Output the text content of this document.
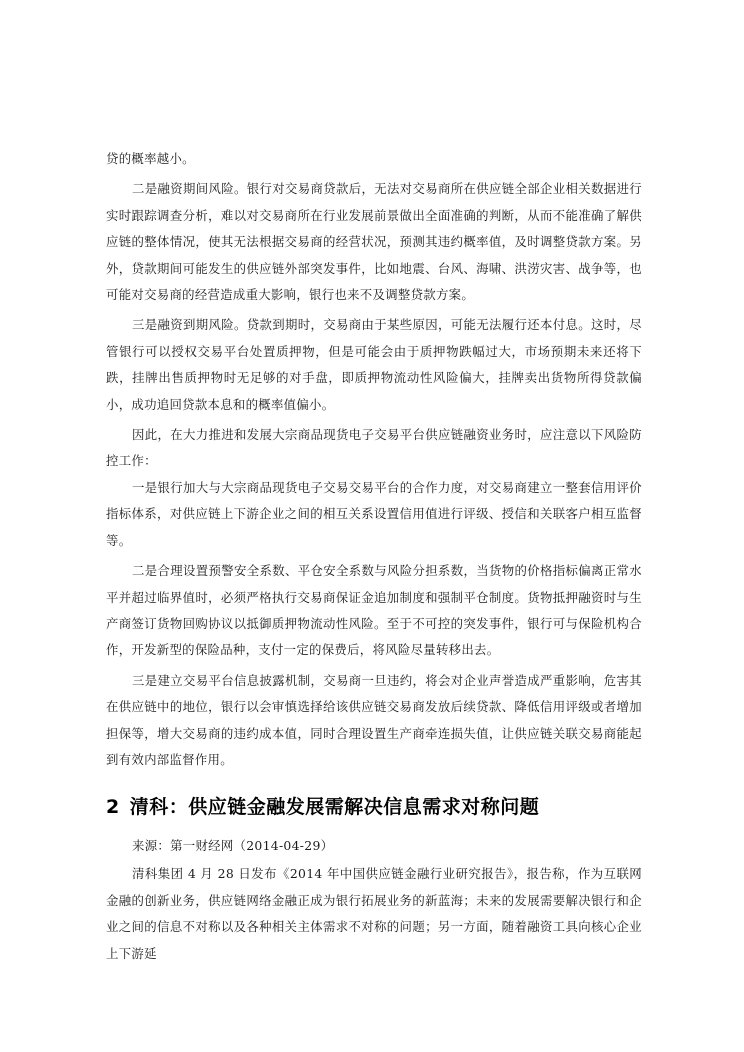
贷的概率越小。

二是融资期间风险。银行对交易商贷款后，无法对交易商所在供应链全部企业相关数据进行实时跟踪调查分析，难以对交易商所在行业发展前景做出全面准确的判断，从而不能准确了解供应链的整体情况，使其无法根据交易商的经营状况，预测其违约概率值，及时调整贷款方案。另外，贷款期间可能发生的供应链外部突发事件，比如地震、台风、海啸、洪涝灾害、战争等，也可能对交易商的经营造成重大影响，银行也来不及调整贷款方案。

三是融资到期风险。贷款到期时，交易商由于某些原因，可能无法履行还本付息。这时，尽管银行可以授权交易平台处置质押物，但是可能会由于质押物跌幅过大，市场预期未来还将下跌，挂牌出售质押物时无足够的对手盘，即质押物流动性风险偏大，挂牌卖出货物所得贷款偏小，成功追回贷款本息和的概率值偏小。

因此，在大力推进和发展大宗商品现货电子交易平台供应链融资业务时，应注意以下风险防控工作：

一是银行加大与大宗商品现货电子交易交易平台的合作力度，对交易商建立一整套信用评价指标体系，对供应链上下游企业之间的相互关系设置信用值进行评级、授信和关联客户相互监督等。

二是合理设置预警安全系数、平仓安全系数与风险分担系数，当货物的价格指标偏离正常水平并超过临界值时，必须严格执行交易商保证金追加制度和强制平仓制度。货物抵押融资时与生产商签订货物回购协议以抵御质押物流动性风险。至于不可控的突发事件，银行可与保险机构合作，开发新型的保险品种，支付一定的保费后，将风险尽量转移出去。

三是建立交易平台信息披露机制，交易商一旦违约，将会对企业声誉造成严重影响，危害其在供应链中的地位，银行以会审慎选择给该供应链交易商发放后续贷款、降低信用评级或者增加担保等，增大交易商的违约成本值，同时合理设置生产商牵连损失值，让供应链关联交易商能起到有效内部监督作用。

2 清科：供应链金融发展需解决信息需求对称问题

来源：第一财经网（2014-04-29）

清科集团 4 月 28 日发布《2014 年中国供应链金融行业研究报告》，报告称，作为互联网金融的创新业务，供应链网络金融正成为银行拓展业务的新蓝海；未来的发展需要解决银行和企业之间的信息不对称以及各种相关主体需求不对称的问题；另一方面，随着融资工具向核心企业上下游延
